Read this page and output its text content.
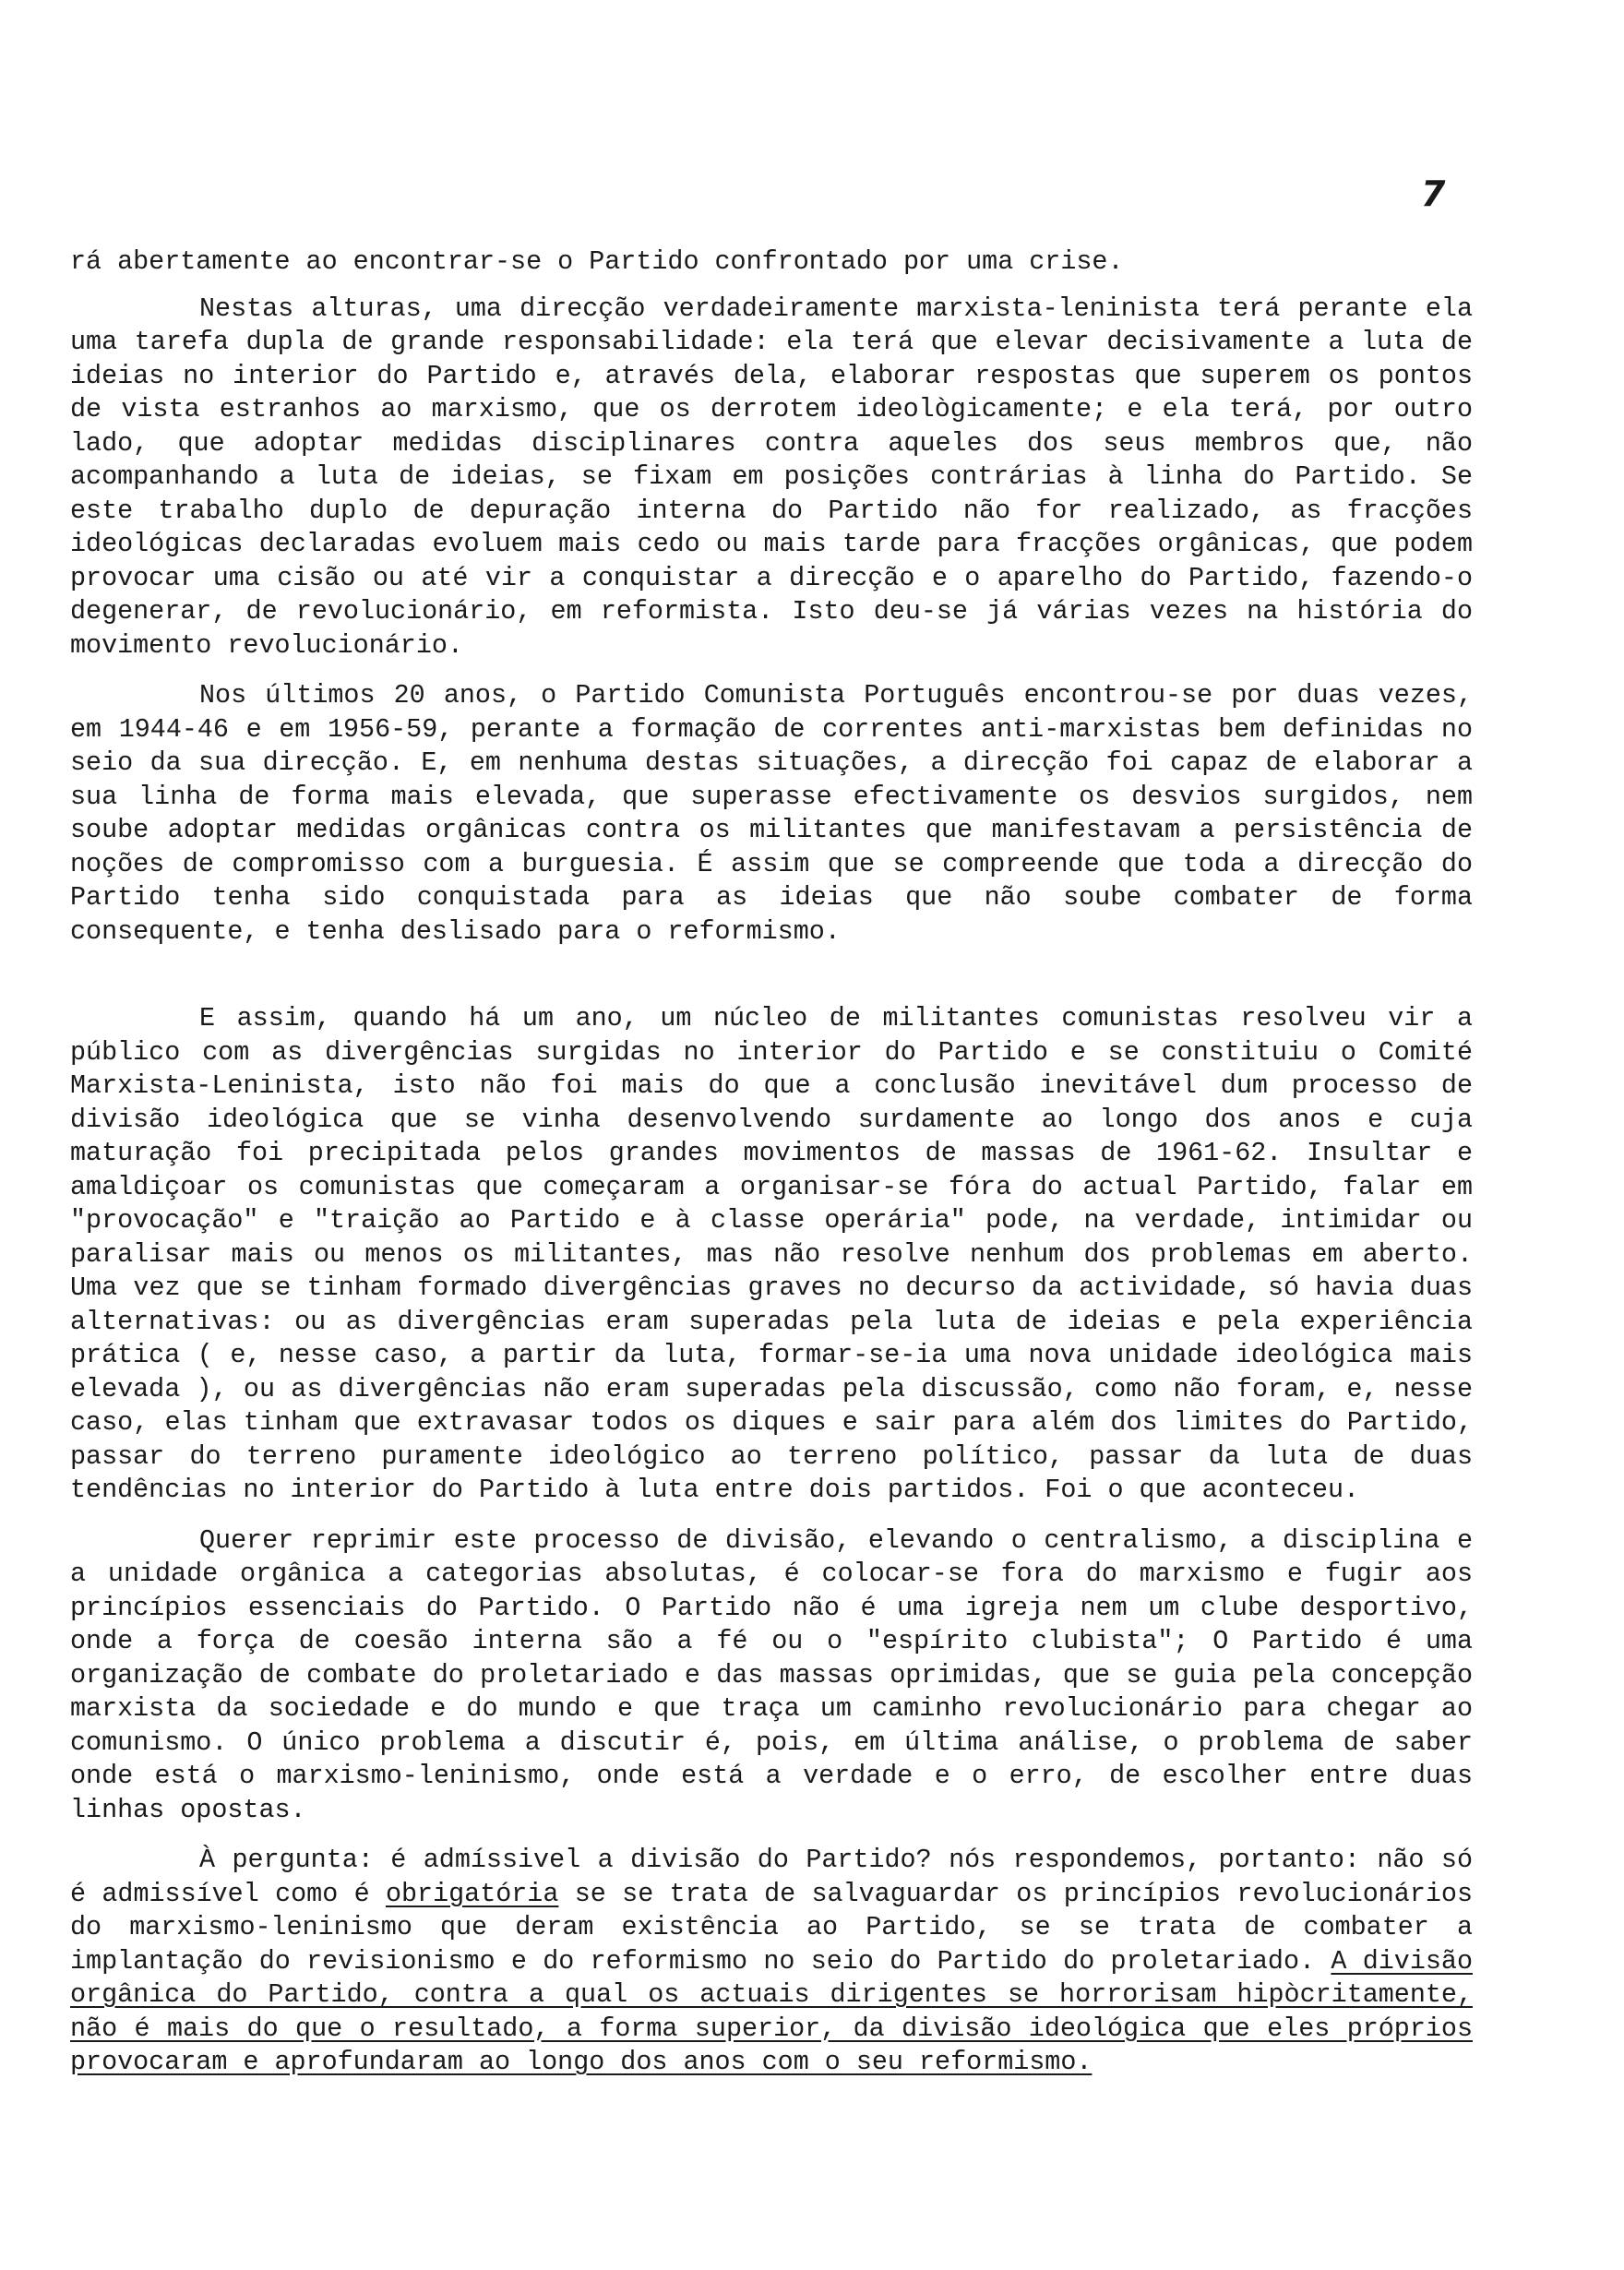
7

rá abertamente ao encontrar-se o Partido confrontado por uma crise.

Nestas alturas, uma direcção verdadeiramente marxista-leninista terá perante ela uma tarefa dupla de grande responsabilidade: ela terá que elevar decisivamente a luta de ideias no interior do Partido e, através dela, elaborar respostas que superem os pontos de vista estranhos ao marxismo, que os derrotem ideològicamente; e ela terá, por outro lado, que adoptar medidas disciplinares contra aqueles dos seus membros que, não acompanhando a luta de ideias, se fixam em posições contrárias à linha do Partido. Se este trabalho duplo de depuração interna do Partido não for realizado, as fracções ideológicas declaradas evoluem mais cedo ou mais tarde para fracções orgânicas, que podem provocar uma cisão ou até vir a conquistar a direcção e o aparelho do Partido, fazendo-o degenerar, de revolucionário, em reformista. Isto deu-se já várias vezes na história do movimento revolucionário.

Nos últimos 20 anos, o Partido Comunista Português encontrou-se por duas vezes, em 1944-46 e em 1956-59, perante a formação de correntes anti-marxistas bem definidas no seio da sua direcção. E, em nenhuma destas situações, a direcção foi capaz de elaborar a sua linha de forma mais elevada, que superasse efectivamente os desvios surgidos, nem soube adoptar medidas orgânicas contra os militantes que manifestavam a persistência de noções de compromisso com a burguesia. É assim que se compreende que toda a direcção do Partido tenha sido conquistada para as ideias que não soube combater de forma consequente, e tenha deslisado para o reformismo.

E assim, quando há um ano, um núcleo de militantes comunistas resolveu vir a público com as divergências surgidas no interior do Partido e se constituiu o Comité Marxista-Leninista, isto não foi mais do que a conclusão inevitável dum processo de divisão ideológica que se vinha desenvolvendo surdamente ao longo dos anos e cuja maturação foi precipitada pelos grandes movimentos de massas de 1961-62. Insultar e amaldiçoar os comunistas que começaram a organisar-se fóra do actual Partido, falar em "provocação" e "traição ao Partido e à classe operária" pode, na verdade, intimidar ou paralisar mais ou menos os militantes, mas não resolve nenhum dos problemas em aberto. Uma vez que se tinham formado divergências graves no decurso da actividade, só havia duas alternativas: ou as divergências eram superadas pela luta de ideias e pela experiência prática ( e, nesse caso, a partir da luta, formar-se-ia uma nova unidade ideológica mais elevada ), ou as divergências não eram superadas pela discussão, como não foram, e, nesse caso, elas tinham que extravasar todos os diques e sair para além dos limites do Partido, passar do terreno puramente ideológico ao terreno político, passar da luta de duas tendências no interior do Partido à luta entre dois partidos. Foi o que aconteceu.

Querer reprimir este processo de divisão, elevando o centralismo, a disciplina e a unidade orgânica a categorias absolutas, é colocar-se fora do marxismo e fugir aos princípios essenciais do Partido. O Partido não é uma igreja nem um clube desportivo, onde a força de coesão interna são a fé ou o "espírito clubista"; O Partido é uma organização de combate do proletariado e das massas oprimidas, que se guia pela concepção marxista da sociedade e do mundo e que traça um caminho revolucionário para chegar ao comunismo. O único problema a discutir é, pois, em última análise, o problema de saber onde está o marxismo-leninismo, onde está a verdade e o erro, de escolher entre duas linhas opostas.

À pergunta: é admíssivel a divisão do Partido? nós respondemos, portanto: não só é admissível como é obrigatória se se trata de salvaguardar os princípios revolucionários do marxismo-leninismo que deram existência ao Partido, se se trata de combater a implantação do revisionismo e do reformismo no seio do Partido do proletariado. A divisão orgânica do Partido, contra a qual os actuais dirigentes se horrorisam hipòcritamente, não é mais do que o resultado, a forma superior, da divisão ideológica que eles próprios provocaram e aprofundaram ao longo dos anos com o seu reformismo.
